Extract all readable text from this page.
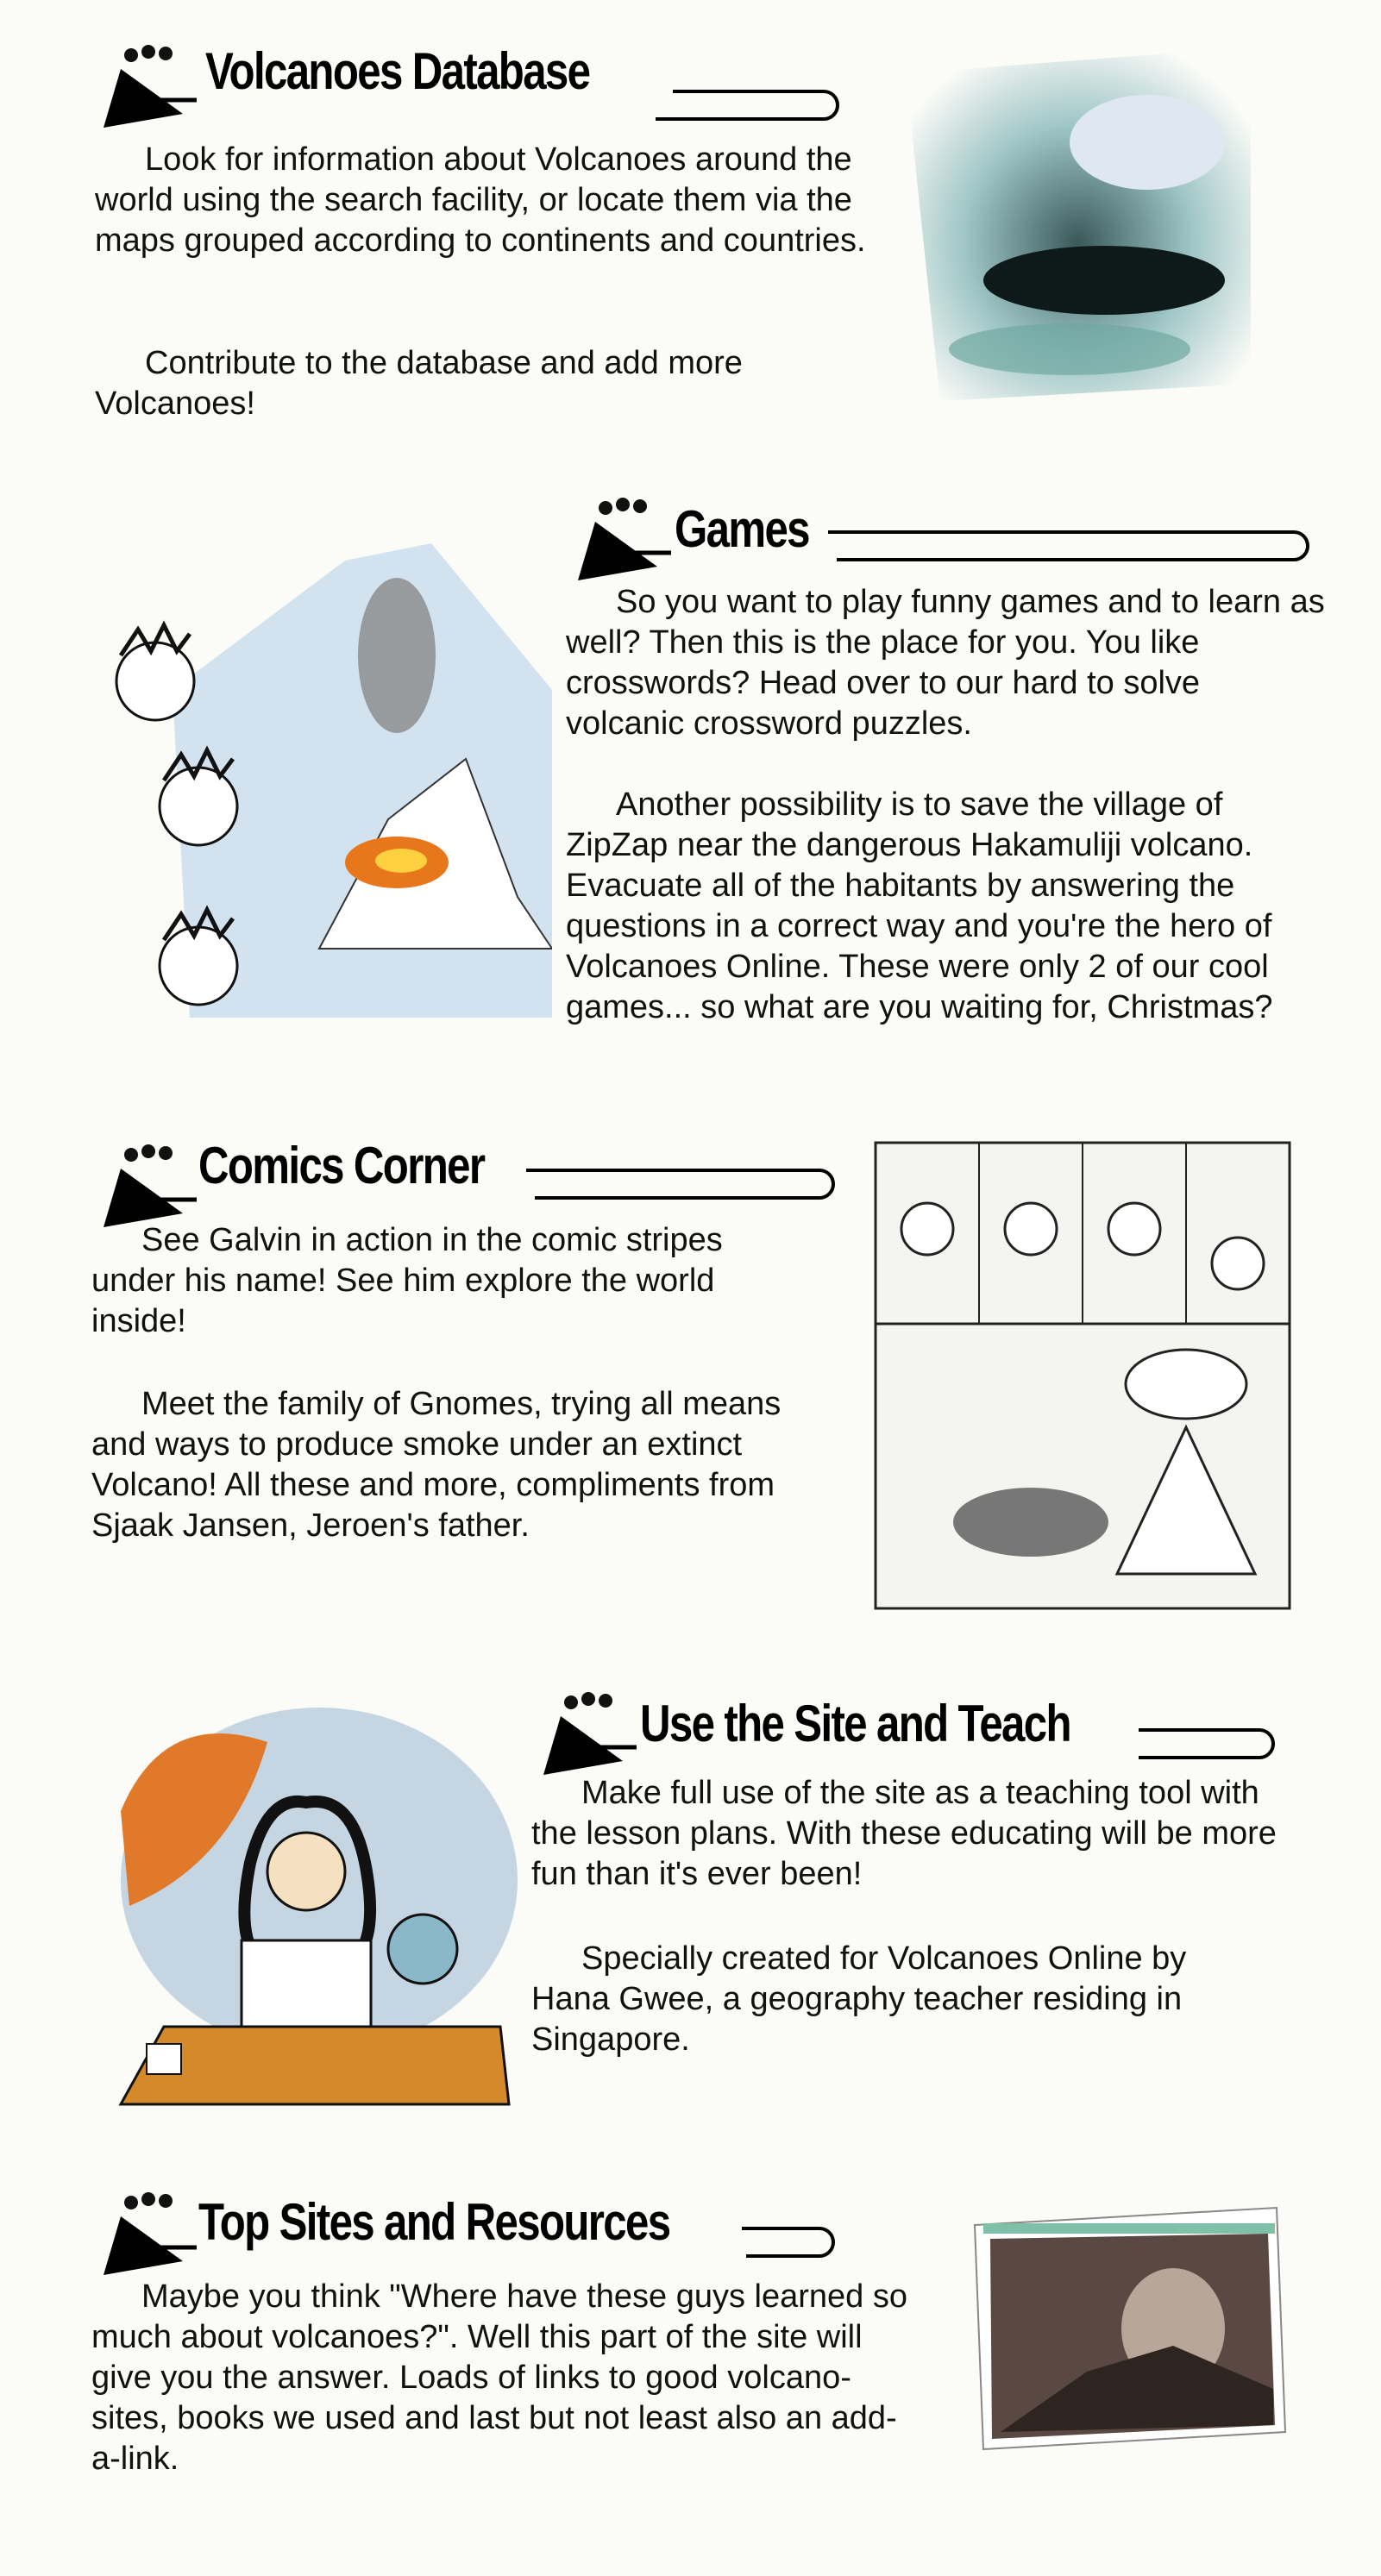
Volcanoes Database

Look for information about Volcanoes around the world using the search facility, or locate them via the maps grouped according to continents and countries.

Contribute to the database and add more Volcanoes!

Games

So you want to play funny games and to learn as well? Then this is the place for you. You like crosswords? Head over to our hard to solve volcanic crossword puzzles.

Another possibility is to save the village of ZipZap near the dangerous Hakamuliji volcano. Evacuate all of the habitants by answering the questions in a correct way and you're the hero of Volcanoes Online. These were only 2 of our cool games... so what are you waiting for, Christmas?

Comics Corner

See Galvin in action in the comic stripes under his name! See him explore the world inside!

Meet the family of Gnomes, trying all means and ways to produce smoke under an extinct Volcano! All these and more, compliments from Sjaak Jansen, Jeroen's father.

Use the Site and Teach

Make full use of the site as a teaching tool with the lesson plans. With these educating will be more fun than it's ever been!

Specially created for Volcanoes Online by Hana Gwee, a geography teacher residing in Singapore.

Top Sites and Resources

Maybe you think "Where have these guys learned so much about volcanoes?". Well this part of the site will give you the answer. Loads of links to good volcano-sites, books we used and last but not least also an add-a-link.
